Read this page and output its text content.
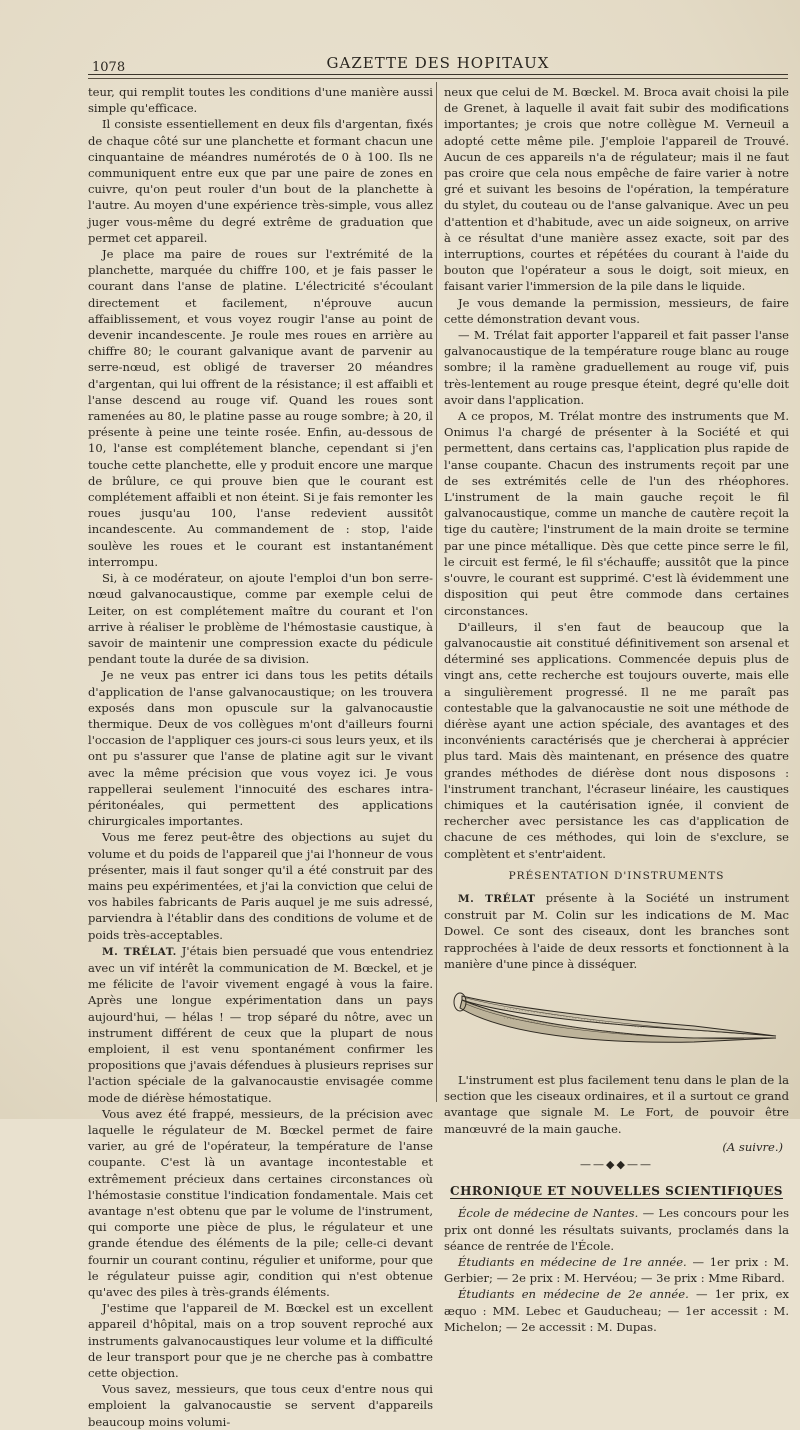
1078	GAZETTE DES HOPITAUX

teur, qui remplit toutes les conditions d'une manière aussi simple qu'efficace.

Il consiste essentiellement en deux fils d'argentan, fixés de chaque côté sur une planchette et formant chacun une cinquantaine de méandres numérotés de 0 à 100. Ils ne communiquent entre eux que par une paire de zones en cuivre, qu'on peut rouler d'un bout de la planchette à l'autre. Au moyen d'une expérience très-simple, vous allez juger vous-même du degré extrême de graduation que permet cet appareil.

Je place ma paire de roues sur l'extrémité de la planchette, marquée du chiffre 100, et je fais passer le courant dans l'anse de platine. L'électricité s'écoulant directement et facilement, n'éprouve aucun affaiblissement, et vous voyez rougir l'anse au point de devenir incandescente. Je roule mes roues en arrière au chiffre 80; le courant galvanique avant de parvenir au serre-nœud, est obligé de traverser 20 méandres d'argentan, qui lui offrent de la résistance; il est affaibli et l'anse descend au rouge vif. Quand les roues sont ramenées au 80, le platine passe au rouge sombre; à 20, il présente à peine une teinte rosée. Enfin, au-dessous de 10, l'anse est complétement blanche, cependant si j'en touche cette planchette, elle y produit encore une marque de brûlure, ce qui prouve bien que le courant est complétement affaibli et non éteint. Si je fais remonter les roues jusqu'au 100, l'anse redevient aussitôt incandescente. Au commandement de : stop, l'aide soulève les roues et le courant est instantanément interrompu.

Si, à ce modérateur, on ajoute l'emploi d'un bon serre-nœud galvanocaustique, comme par exemple celui de Leiter, on est complétement maître du courant et l'on arrive à réaliser le problème de l'hémostasie caustique, à savoir de maintenir une compression exacte du pédicule pendant toute la durée de sa division.

Je ne veux pas entrer ici dans tous les petits détails d'application de l'anse galvanocaustique; on les trouvera exposés dans mon opuscule sur la galvanocaustie thermique. Deux de vos collègues m'ont d'ailleurs fourni l'occasion de l'appliquer ces jours-ci sous leurs yeux, et ils ont pu s'assurer que l'anse de platine agit sur le vivant avec la même précision que vous voyez ici. Je vous rappellerai seulement l'innocuité des eschares intra-péritonéales, qui permettent des applications chirurgicales importantes.

Vous me ferez peut-être des objections au sujet du volume et du poids de l'appareil que j'ai l'honneur de vous présenter, mais il faut songer qu'il a été construit par des mains peu expérimentées, et j'ai la conviction que celui de vos habiles fabricants de Paris auquel je me suis adressé, parviendra à l'établir dans des conditions de volume et de poids très-acceptables.

M. TRÉLAT. J'étais bien persuadé que vous entendriez avec un vif intérêt la communication de M. Bœckel, et je me félicite de l'avoir vivement engagé à vous la faire. Après une longue expérimentation dans un pays aujourd'hui, — hélas ! — trop séparé du nôtre, avec un instrument différent de ceux que la plupart de nous emploient, il est venu spontanément confirmer les propositions que j'avais défendues à plusieurs reprises sur l'action spéciale de la galvanocaustie envisagée comme mode de diérèse hémostatique.

Vous avez été frappé, messieurs, de la précision avec laquelle le régulateur de M. Bœckel permet de faire varier, au gré de l'opérateur, la température de l'anse coupante. C'est là un avantage incontestable et extrêmement précieux dans certaines circonstances où l'hémostasie constitue l'indication fondamentale. Mais cet avantage n'est obtenu que par le volume de l'instrument, qui comporte une pièce de plus, le régulateur et une grande étendue des éléments de la pile; celle-ci devant fournir un courant continu, régulier et uniforme, pour que le régulateur puisse agir, condition qui n'est obtenue qu'avec des piles à très-grands éléments.

J'estime que l'appareil de M. Bœckel est un excellent appareil d'hôpital, mais on a trop souvent reproché aux instruments galvanocaustiques leur volume et la difficulté de leur transport pour que je ne cherche pas à combattre cette objection.

Vous savez, messieurs, que tous ceux d'entre nous qui emploient la galvanocaustie se servent d'appareils beaucoup moins volumi-

neux que celui de M. Bœckel. M. Broca avait choisi la pile de Grenet, à laquelle il avait fait subir des modifications importantes; je crois que notre collègue M. Verneuil a adopté cette même pile. J'emploie l'appareil de Trouvé. Aucun de ces appareils n'a de régulateur; mais il ne faut pas croire que cela nous empêche de faire varier à notre gré et suivant les besoins de l'opération, la température du stylet, du couteau ou de l'anse galvanique. Avec un peu d'attention et d'habitude, avec un aide soigneux, on arrive à ce résultat d'une manière assez exacte, soit par des interruptions, courtes et répétées du courant à l'aide du bouton que l'opérateur a sous le doigt, soit mieux, en faisant varier l'immersion de la pile dans le liquide.

Je vous demande la permission, messieurs, de faire cette démonstration devant vous.

— M. Trélat fait apporter l'appareil et fait passer l'anse galvanocaustique de la température rouge blanc au rouge sombre; il la ramène graduellement au rouge vif, puis très-lentement au rouge presque éteint, degré qu'elle doit avoir dans l'application.

A ce propos, M. Trélat montre des instruments que M. Onimus l'a chargé de présenter à la Société et qui permettent, dans certains cas, l'application plus rapide de l'anse coupante. Chacun des instruments reçoit par une de ses extrémités celle de l'un des rhéophores. L'instrument de la main gauche reçoit le fil galvanocaustique, comme un manche de cautère reçoit la tige du cautère; l'instrument de la main droite se termine par une pince métallique. Dès que cette pince serre le fil, le circuit est fermé, le fil s'échauffe; aussitôt que la pince s'ouvre, le courant est supprimé. C'est là évidemment une disposition qui peut être commode dans certaines circonstances.

D'ailleurs, il s'en faut de beaucoup que la galvanocaustie ait constitué définitivement son arsenal et déterminé ses applications. Commencée depuis plus de vingt ans, cette recherche est toujours ouverte, mais elle a singulièrement progressé. Il ne me paraît pas contestable que la galvanocaustie ne soit une méthode de diérèse ayant une action spéciale, des avantages et des inconvénients caractérisés que je chercherai à apprécier plus tard. Mais dès maintenant, en présence des quatre grandes méthodes de diérèse dont nous disposons : l'instrument tranchant, l'écraseur linéaire, les caustiques chimiques et la cautérisation ignée, il convient de rechercher avec persistance les cas d'application de chacune de ces méthodes, qui loin de s'exclure, se complètent et s'entr'aident.

PRÉSENTATION D'INSTRUMENTS

M. TRÉLAT présente à la Société un instrument construit par M. Colin sur les indications de M. Mac Dowel. Ce sont des ciseaux, dont les branches sont rapprochées à l'aide de deux ressorts et fonctionnent à la manière d'une pince à disséquer.

L'instrument est plus facilement tenu dans le plan de la section que les ciseaux ordinaires, et il a surtout ce grand avantage que signale M. Le Fort, de pouvoir être manœuvré de la main gauche.

(A suivre.)
——◆◆——
CHRONIQUE ET NOUVELLES SCIENTIFIQUES

École de médecine de Nantes. — Les concours pour les prix ont donné les résultats suivants, proclamés dans la séance de rentrée de l'École.

Étudiants en médecine de 1re année. — 1er prix : M. Gerbier; — 2e prix : M. Hervéou; — 3e prix : Mme Ribard.

Étudiants en médecine de 2e année. — 1er prix, ex æquo : MM. Lebec et Gauducheau; — 1er accessit : M. Michelon; — 2e accessit : M. Dupas.
